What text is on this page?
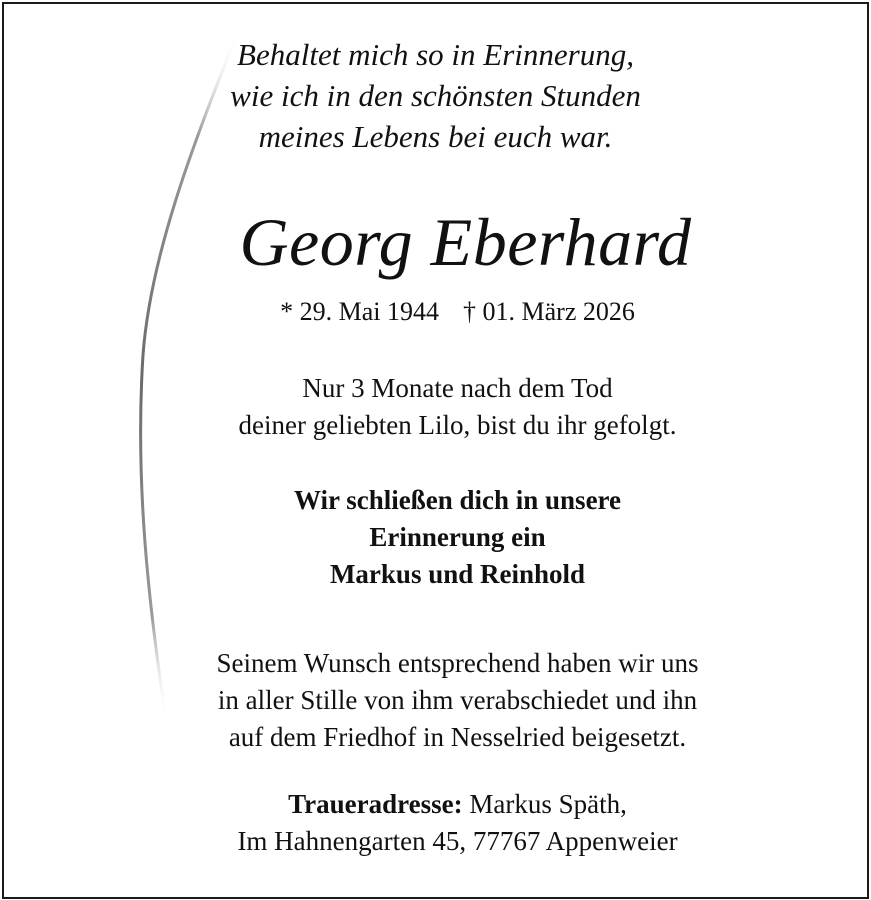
Behaltet mich so in Erinnerung,
wie ich in den schönsten Stunden
meines Lebens bei euch war.
Georg Eberhard
* 29. Mai 1944 † 01. März 2026
Nur 3 Monate nach dem Tod
deiner geliebten Lilo, bist du ihr gefolgt.
Wir schließen dich in unsere
Erinnerung ein
Markus und Reinhold
Seinem Wunsch entsprechend haben wir uns
in aller Stille von ihm verabschiedet und ihn
auf dem Friedhof in Nesselried beigesetzt.
Traueradresse: Markus Späth,
Im Hahnengarten 45, 77767 Appenweier
